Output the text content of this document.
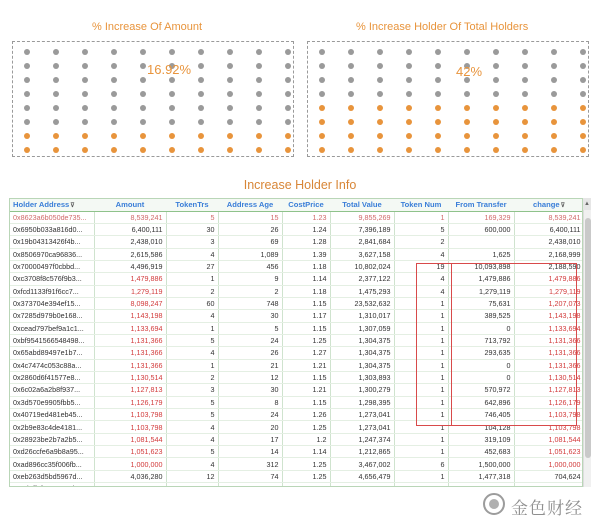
% Increase Of Amount
16.92%
% Increase Holder Of Total Holders
42%
Increase Holder Info
Holder Address⊽	Amount	TokenTrs	Address Age	CostPrice	Total Value	Token Num	From Transfer	change⊽
0x8623a6b050de735...	8,539,241	5	15	1.23	9,855,269	1	169,329	8,539,241
0x6950b033a816d0...	6,400,111	30	26	1.24	7,396,189	5	600,000	6,400,111
0x19b04313426f4b...	2,438,010	3	69	1.28	2,841,684	2		2,438,010
0x8506970ca96836...	2,615,586	4	1,089	1.39	3,627,158	4	1,625	2,168,999
0x70000497f0cbbd...	4,496,919	27	456	1.18	10,802,024	19	10,093,898	2,188,590
0xc3708f8c576f9b3...	1,479,886	1	9	1.14	2,377,122	4	1,479,886	1,479,886
0xfcd1133f91f6cc7...	1,279,119	2	2	1.18	1,475,293	4	1,279,119	1,279,119
0x373704e394ef15...	8,098,247	60	748	1.15	23,532,632	1	75,631	1,207,073
0x7285d979b0e168...	1,143,198	4	30	1.17	1,310,017	1	389,525	1,143,198
0xcead797bef9a1c1...	1,133,694	1	5	1.15	1,307,059	1	0	1,133,694
0xbf9541566548498...	1,131,366	5	24	1.25	1,304,375	1	713,792	1,131,366
0x65abd89497e1b7...	1,131,366	4	26	1.27	1,304,375	1	293,635	1,131,366
0x4c7474c053c88a...	1,131,366	1	21	1.21	1,304,375	1	0	1,131,366
0x2860d6f41577e8...	1,130,514	2	12	1.15	1,303,893	1	0	1,130,514
0x6c02a6a2b8f937...	1,127,813	3	30	1.21	1,300,279	1	570,972	1,127,813
0x3d570e9905fbb5...	1,126,179	5	8	1.15	1,298,395	1	642,896	1,126,179
0x40719ed481eb45...	1,103,798	5	24	1.26	1,273,041	1	746,405	1,103,798
0x2b9e83c4de4181...	1,103,798	4	20	1.25	1,273,041	1	104,128	1,103,798
0x28923be2b7a2b5...	1,081,544	4	17	1.2	1,247,374	1	319,109	1,081,544
0xd26ccfe6a9b8a95...	1,051,623	5	14	1.14	1,212,865	1	452,683	1,051,623
0xad896cc35f006fb...	1,000,000	4	312	1.25	3,467,002	6	1,500,000	1,000,000
0xeb263d5bd5967d...	4,036,280	12	74	1.25	4,656,479	1	1,477,318	704,624

▲
金色财经
